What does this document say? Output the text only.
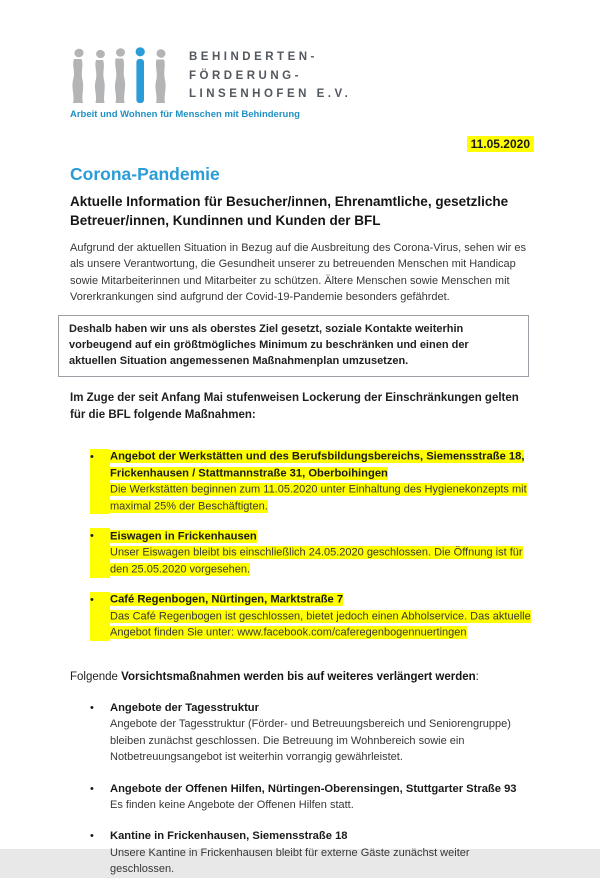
BEHINDERTEN-
FÖRDERUNG-
LINSENHOFEN E.V.
Arbeit und Wohnen für Menschen mit Behinderung
11.05.2020
Corona-Pandemie
Aktuelle Information für Besucher/innen, Ehrenamtliche, gesetzliche Betreuer/innen, Kundinnen und Kunden der BFL

Aufgrund der aktuellen Situation in Bezug auf die Ausbreitung des Corona-Virus, sehen wir es als unsere Verantwortung, die Gesundheit unserer zu betreuenden Menschen mit Handicap sowie Mitarbeiterinnen und Mitarbeiter zu schützen. Ältere Menschen sowie Menschen mit Vorerkrankungen sind aufgrund der Covid-19-Pandemie besonders gefährdet.

Deshalb haben wir uns als oberstes Ziel gesetzt, soziale Kontakte weiterhin vorbeugend auf ein größtmögliches Minimum zu beschränken und einen der aktuellen Situation angemessenen Maßnahmenplan umzusetzen.

Im Zuge der seit Anfang Mai stufenweisen Lockerung der Einschränkungen gelten für die BFL folgende Maßnahmen:

•	Angebot der Werkstätten und des Berufsbildungsbereichs, Siemensstraße 18, Frickenhausen / Stattmannstraße 31, Oberboihingen
Die Werkstätten beginnen zum 11.05.2020 unter Einhaltung des Hygienekonzepts mit maximal 25% der Beschäftigten.
•	Eiswagen in Frickenhausen
Unser Eiswagen bleibt bis einschließlich 24.05.2020 geschlossen. Die Öffnung ist für den 25.05.2020 vorgesehen.
•	Café Regenbogen, Nürtingen, Marktstraße 7
Das Café Regenbogen ist geschlossen, bietet jedoch einen Abholservice. Das aktuelle Angebot finden Sie unter: www.facebook.com/caferegenbogennuertingen

Folgende Vorsichtsmaßnahmen werden bis auf weiteres verlängert werden:

•	Angebote der Tagesstruktur
Angebote der Tagesstruktur (Förder- und Betreuungsbereich und Seniorengruppe) bleiben zunächst geschlossen. Die Betreuung im Wohnbereich sowie ein Notbetreuungsangebot ist weiterhin vorrangig gewährleistet.
•	Angebote der Offenen Hilfen, Nürtingen-Oberensingen, Stuttgarter Straße 93
Es finden keine Angebote der Offenen Hilfen statt.
•	Kantine in Frickenhausen, Siemensstraße 18
Unsere Kantine in Frickenhausen bleibt für externe Gäste zunächst weiter geschlossen.
